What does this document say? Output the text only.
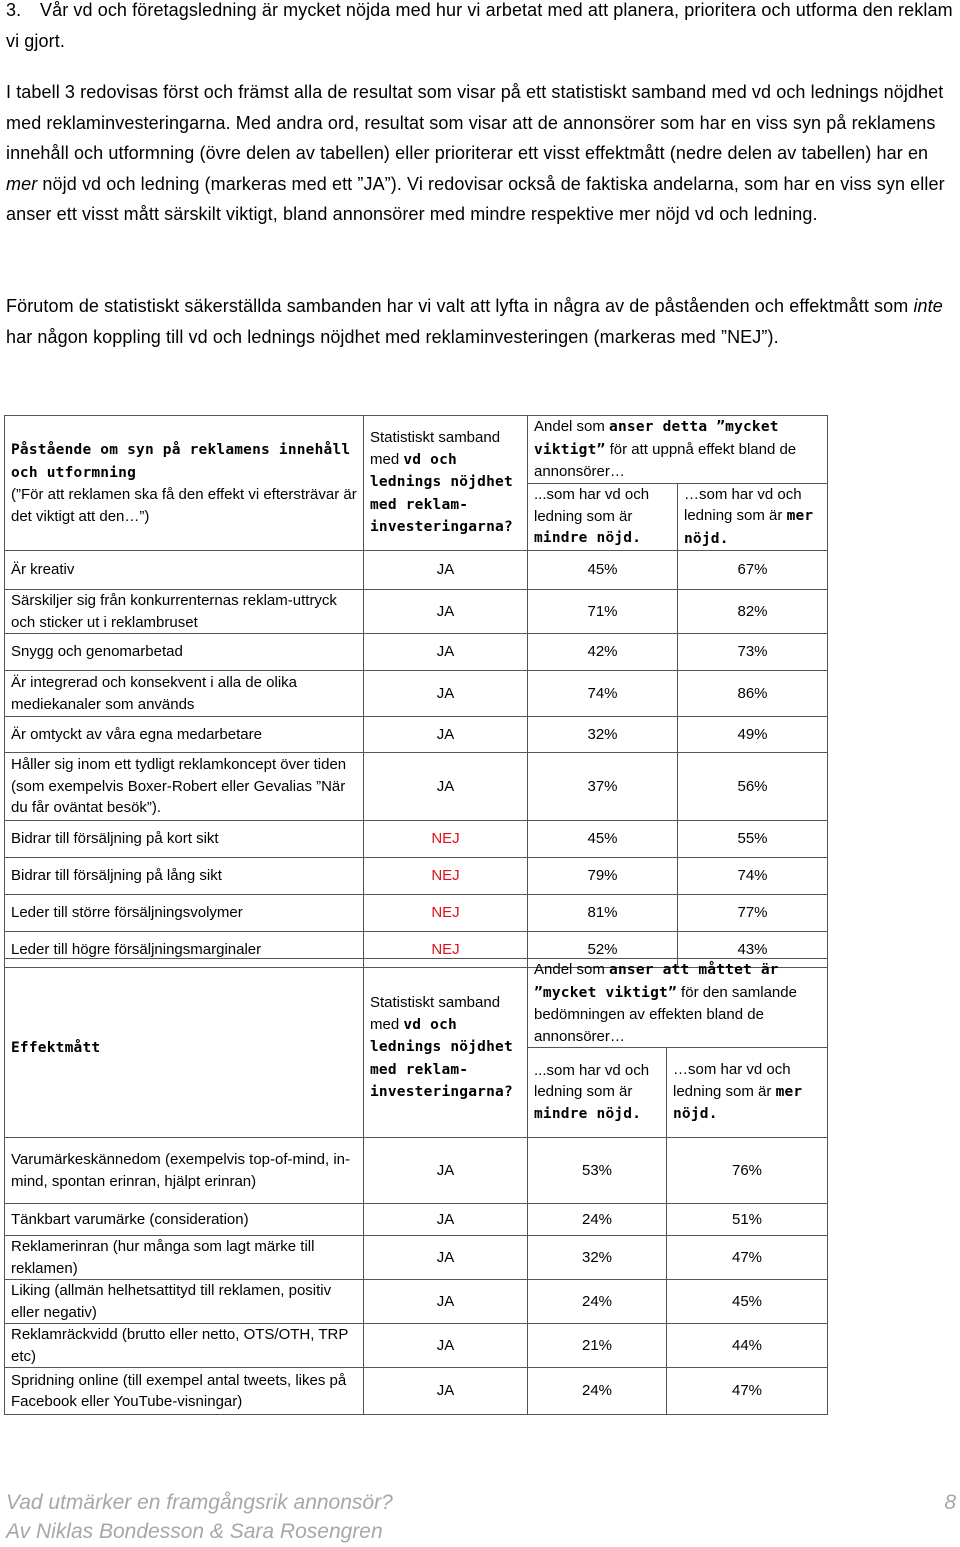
3. Vår vd och företagsledning är mycket nöjda med hur vi arbetat med att planera, prioritera och utforma den reklam vi gjort.
I tabell 3 redovisas först och främst alla de resultat som visar på ett statistiskt samband med vd och lednings nöjdhet med reklaminvesteringarna. Med andra ord, resultat som visar att de annonsörer som har en viss syn på reklamens innehåll och utformning (övre delen av tabellen) eller prioriterar ett visst effektmått (nedre delen av tabellen) har en mer nöjd vd och ledning (markeras med ett ”JA”). Vi redovisar också de faktiska andelarna, som har en viss syn eller anser ett visst mått särskilt viktigt, bland annonsörer med mindre respektive mer nöjd vd och ledning.
Förutom de statistiskt säkerställda sambanden har vi valt att lyfta in några av de påståenden och effektmått som inte har någon koppling till vd och lednings nöjdhet med reklaminvesteringen (markeras med ”NEJ”).
Påstående om syn på reklamens innehåll och utformning
(”För att reklamen ska få den effekt vi eftersträvar är det viktigt att den…”)	Statistiskt samband med vd och lednings nöjdhet med reklam-investeringarna?	Andel som anser detta ”mycket viktigt” för att uppnå effekt bland de annonsörer…	
		...som har vd och ledning som är mindre nöjd.	…som har vd och ledning som är mer nöjd.
Är kreativ	JA	45%	67%
Särskiljer sig från konkurrenternas reklam-uttryck och sticker ut i reklambruset	JA	71%	82%
Snygg och genomarbetad	JA	42%	73%
Är integrerad och konsekvent i alla de olika mediekanaler som används	JA	74%	86%
Är omtyckt av våra egna medarbetare	JA	32%	49%
Håller sig inom ett tydligt reklamkoncept över tiden (som exempelvis Boxer-Robert eller Gevalias ”När du får oväntat besök”).	JA	37%	56%
Bidrar till försäljning på kort sikt	NEJ	45%	55%
Bidrar till försäljning på lång sikt	NEJ	79%	74%
Leder till större försäljningsvolymer	NEJ	81%	77%
Leder till högre försäljningsmarginaler	NEJ	52%	43%
Effektmått	Statistiskt samband med vd och lednings nöjdhet med reklam-investeringarna?	Andel som anser att måttet är ”mycket viktigt” för den samlande bedömningen av effekten bland de annonsörer…	
		...som har vd och ledning som är mindre nöjd.	…som har vd och ledning som är mer nöjd.
Varumärkeskännedom (exempelvis top-of-mind, in-mind, spontan erinran, hjälpt erinran)	JA	53%	76%
Tänkbart varumärke (consideration)	JA	24%	51%
Reklamerinran (hur många som lagt märke till reklamen)	JA	32%	47%
Liking (allmän helhetsattityd till reklamen, positiv eller negativ)	JA	24%	45%
Reklamräckvidd (brutto eller netto, OTS/OTH, TRP etc)	JA	21%	44%
Spridning online (till exempel antal tweets, likes på Facebook eller YouTube-visningar)	JA	24%	47%
Vad utmärker en framgångsrik annonsör?
Av Niklas Bondesson & Sara Rosengren
8
